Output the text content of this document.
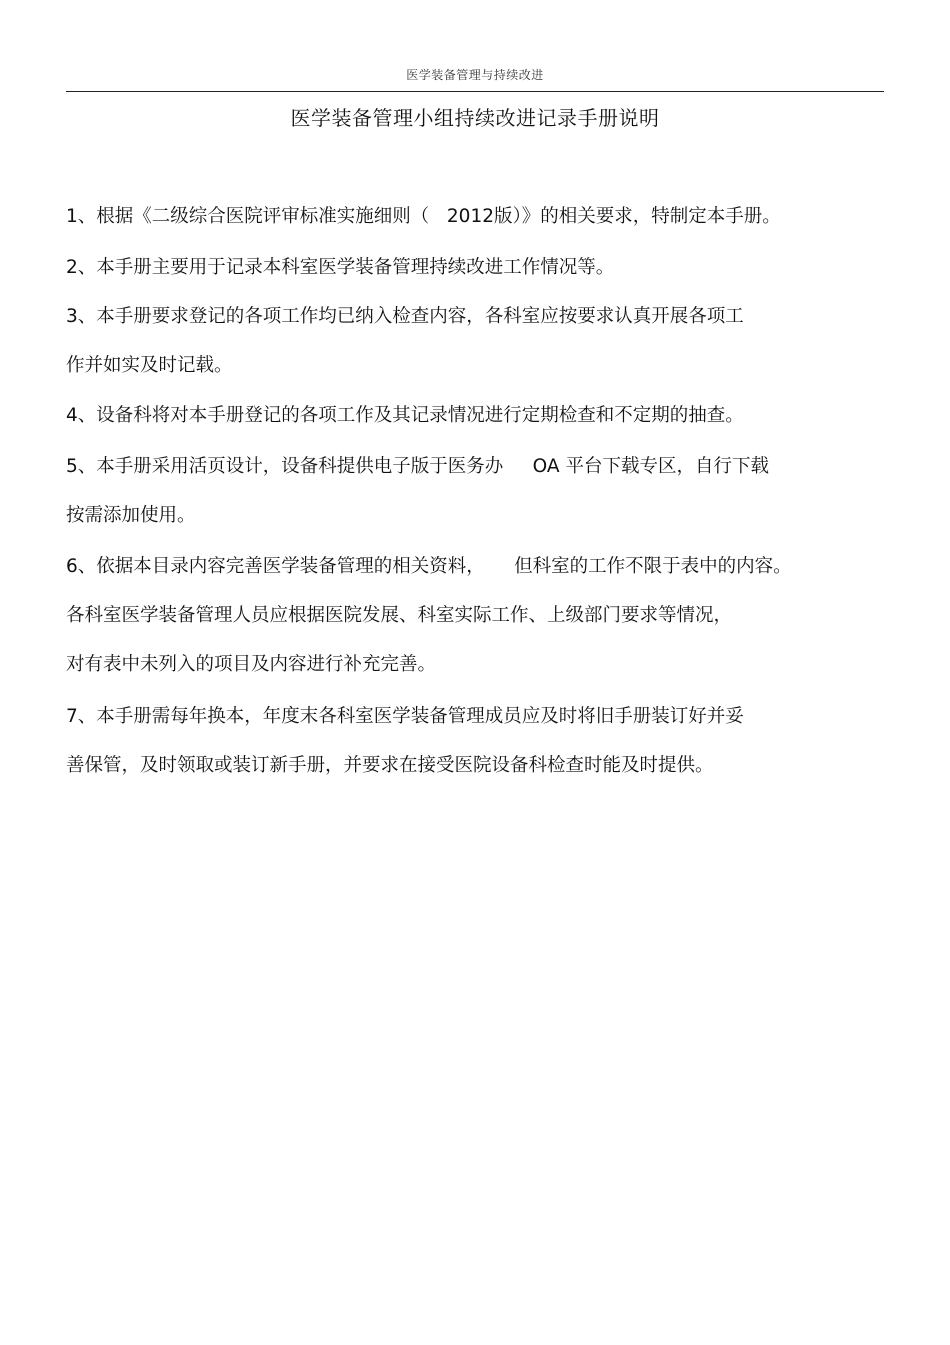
医学装备管理与持续改进
医学装备管理小组持续改进记录手册说明
1、根据《二级综合医院评审标准实施细则（   2012版）》的相关要求，特制定本手册。
2、本手册主要用于记录本科室医学装备管理持续改进工作情况等。
3、本手册要求登记的各项工作均已纳入检查内容，各科室应按要求认真开展各项工
作并如实及时记载。
4、设备科将对本手册登记的各项工作及其记录情况进行定期检查和不定期的抽查。
5、本手册采用活页设计，设备科提供电子版于医务办     OA 平台下载专区，自行下载
按需添加使用。
6、依据本目录内容完善医学装备管理的相关资料，     但科室的工作不限于表中的内容。
各科室医学装备管理人员应根据医院发展、科室实际工作、上级部门要求等情况，
对有表中未列入的项目及内容进行补充完善。
7、本手册需每年换本，年度末各科室医学装备管理成员应及时将旧手册装订好并妥
善保管，及时领取或装订新手册，并要求在接受医院设备科检查时能及时提供。
